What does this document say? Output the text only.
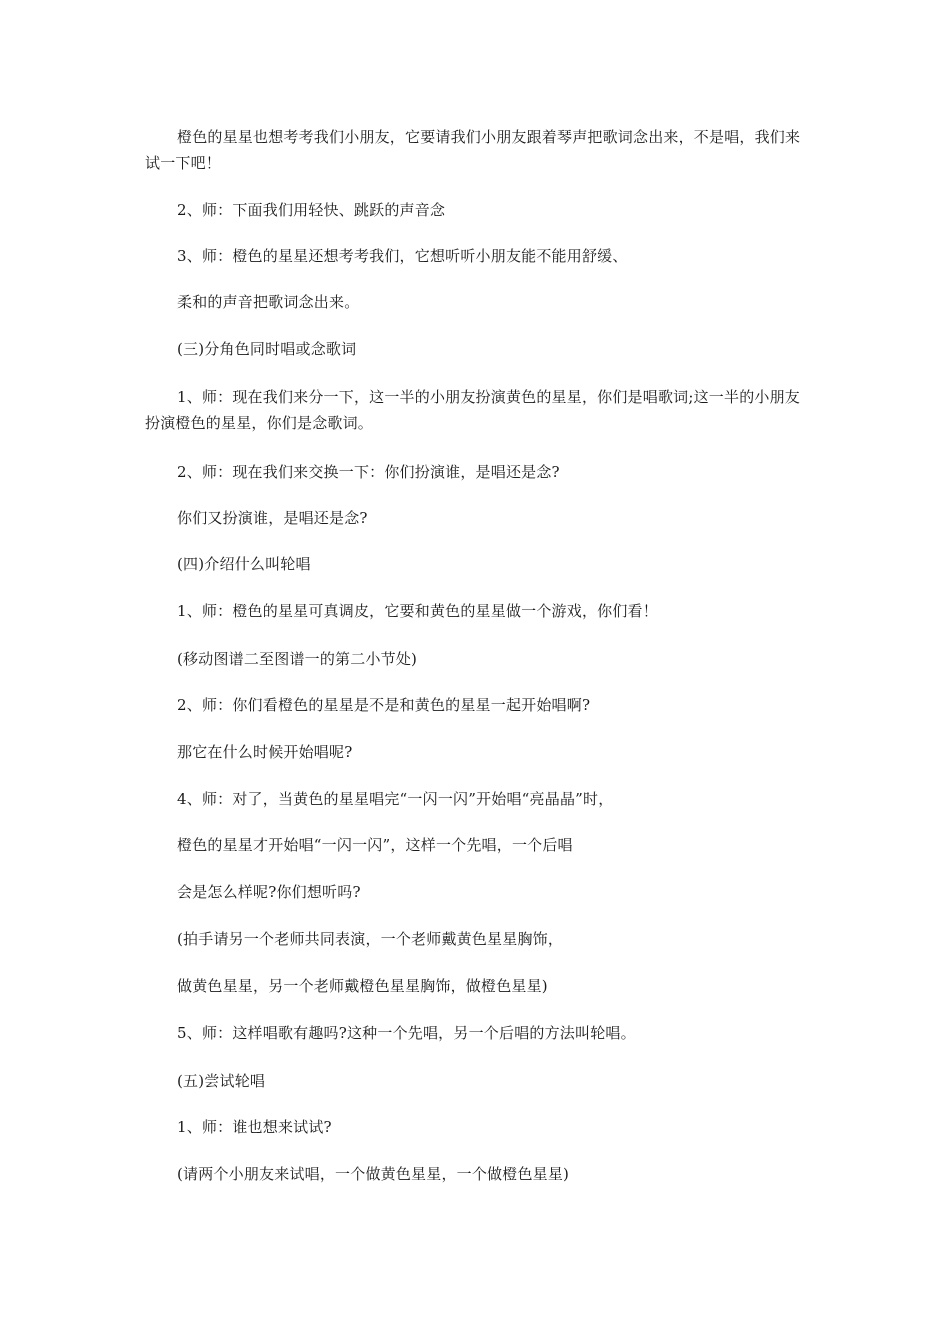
橙色的星星也想考考我们小朋友，它要请我们小朋友跟着琴声把歌词念出来，不是唱，我们来试一下吧！

2、师：下面我们用轻快、跳跃的声音念

3、师：橙色的星星还想考考我们，它想听听小朋友能不能用舒缓、

柔和的声音把歌词念出来。

(三)分角色同时唱或念歌词

1、师：现在我们来分一下，这一半的小朋友扮演黄色的星星，你们是唱歌词;这一半的小朋友扮演橙色的星星，你们是念歌词。

2、师：现在我们来交换一下：你们扮演谁，是唱还是念?

你们又扮演谁，是唱还是念?

(四)介绍什么叫轮唱

1、师：橙色的星星可真调皮，它要和黄色的星星做一个游戏，你们看！

(移动图谱二至图谱一的第二小节处)

2、师：你们看橙色的星星是不是和黄色的星星一起开始唱啊?

那它在什么时候开始唱呢?

4、师：对了，当黄色的星星唱完“一闪一闪”开始唱“亮晶晶”时，

橙色的星星才开始唱“一闪一闪”，这样一个先唱，一个后唱

会是怎么样呢?你们想听吗?

(拍手请另一个老师共同表演，一个老师戴黄色星星胸饰，

做黄色星星，另一个老师戴橙色星星胸饰，做橙色星星)

5、师：这样唱歌有趣吗?这种一个先唱，另一个后唱的方法叫轮唱。

(五)尝试轮唱

1、师：谁也想来试试?

(请两个小朋友来试唱，一个做黄色星星，一个做橙色星星)
